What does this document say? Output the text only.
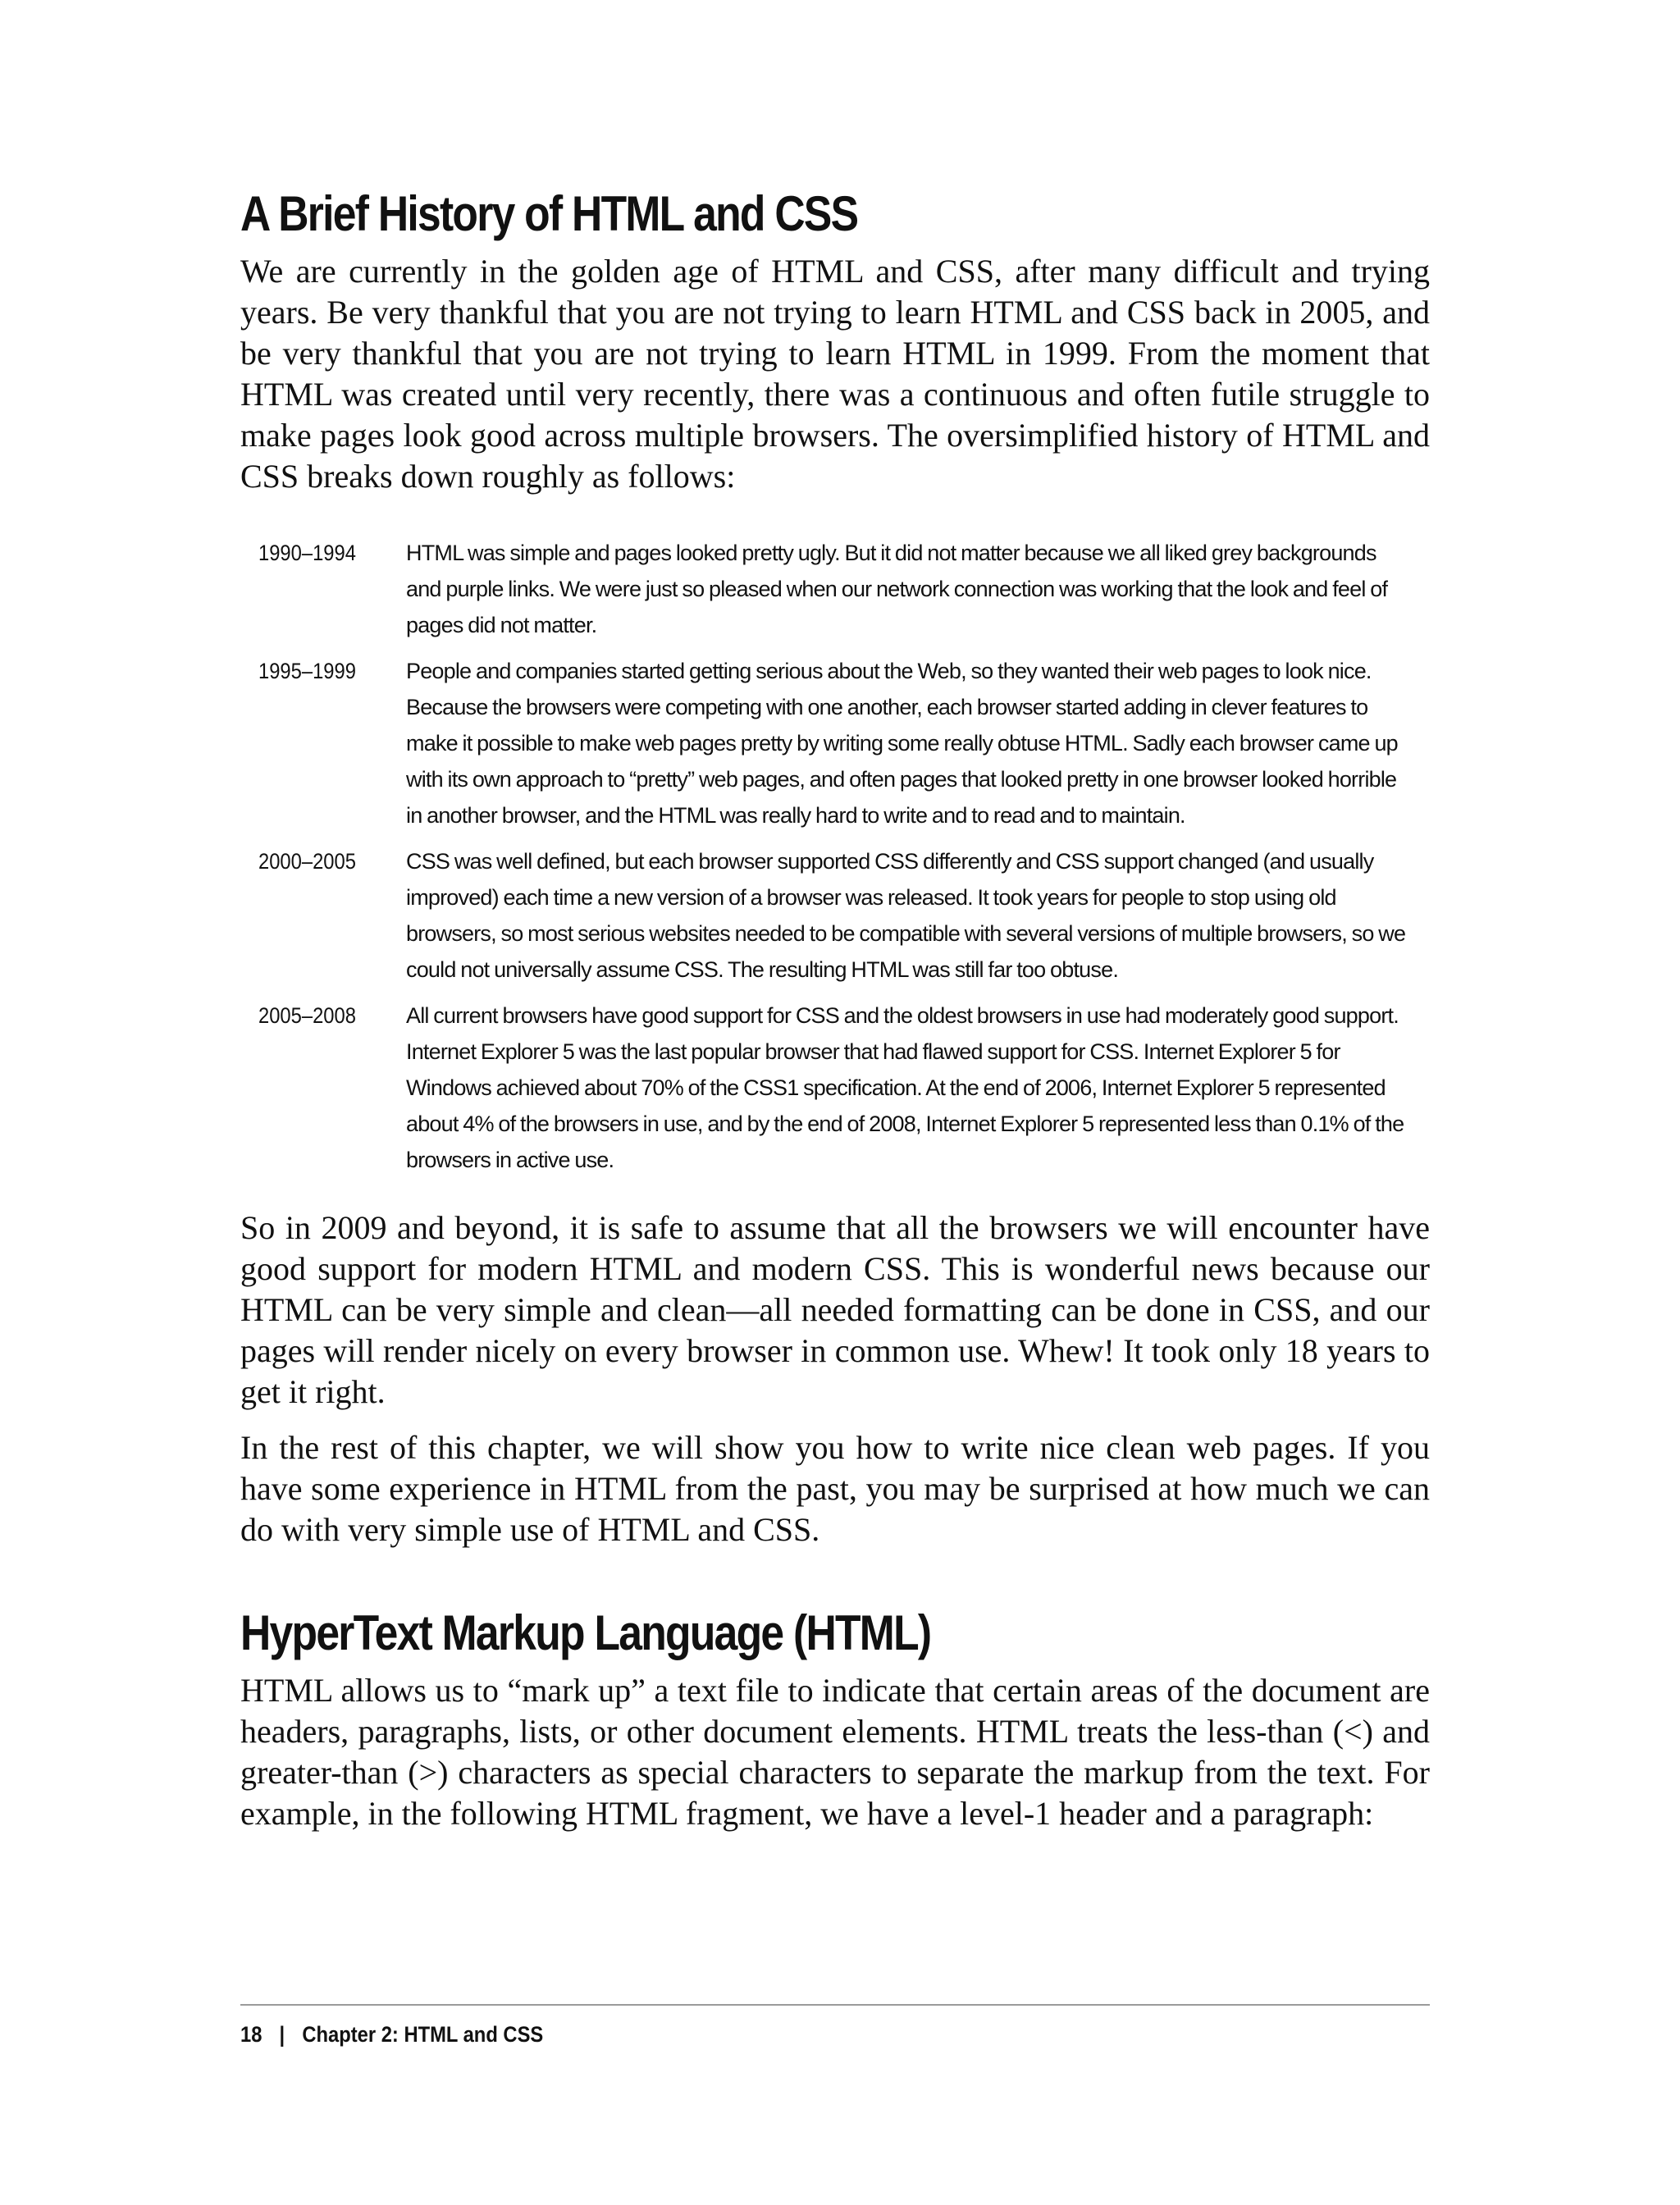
A Brief History of HTML and CSS

We are currently in the golden age of HTML and CSS, after many difficult and trying years. Be very thankful that you are not trying to learn HTML and CSS back in 2005, and be very thankful that you are not trying to learn HTML in 1999. From the moment that HTML was created until very recently, there was a continuous and often futile struggle to make pages look good across multiple browsers. The oversimplified history of HTML and CSS breaks down roughly as follows:

1990–1994	HTML was simple and pages looked pretty ugly. But it did not matter because we all liked grey backgrounds and purple links. We were just so pleased when our network connection was working that the look and feel of pages did not matter.
1995–1999	People and companies started getting serious about the Web, so they wanted their web pages to look nice. Because the browsers were competing with one another, each browser started adding in clever features to make it possible to make web pages pretty by writing some really obtuse HTML. Sadly each browser came up with its own approach to “pretty” web pages, and often pages that looked pretty in one browser looked horrible in another browser, and the HTML was really hard to write and to read and to maintain.
2000–2005	CSS was well defined, but each browser supported CSS differently and CSS support changed (and usually improved) each time a new version of a browser was released. It took years for people to stop using old browsers, so most serious websites needed to be compatible with several versions of multiple browsers, so we could not universally assume CSS. The resulting HTML was still far too obtuse.
2005–2008	All current browsers have good support for CSS and the oldest browsers in use had moderately good support. Internet Explorer 5 was the last popular browser that had flawed support for CSS. Internet Explorer 5 for Windows achieved about 70% of the CSS1 specification. At the end of 2006, Internet Explorer 5 represented about 4% of the browsers in use, and by the end of 2008, Internet Explorer 5 represented less than 0.1% of the browsers in active use.

So in 2009 and beyond, it is safe to assume that all the browsers we will encounter have good support for modern HTML and modern CSS. This is wonderful news because our HTML can be very simple and clean—all needed formatting can be done in CSS, and our pages will render nicely on every browser in common use. Whew! It took only 18 years to get it right.

In the rest of this chapter, we will show you how to write nice clean web pages. If you have some experience in HTML from the past, you may be surprised at how much we can do with very simple use of HTML and CSS.

HyperText Markup Language (HTML)

HTML allows us to “mark up” a text file to indicate that certain areas of the document are headers, paragraphs, lists, or other document elements. HTML treats the less-than (<) and greater-than (>) characters as special characters to separate the markup from the text. For example, in the following HTML fragment, we have a level-1 header and a paragraph:

18 | Chapter 2: HTML and CSS
